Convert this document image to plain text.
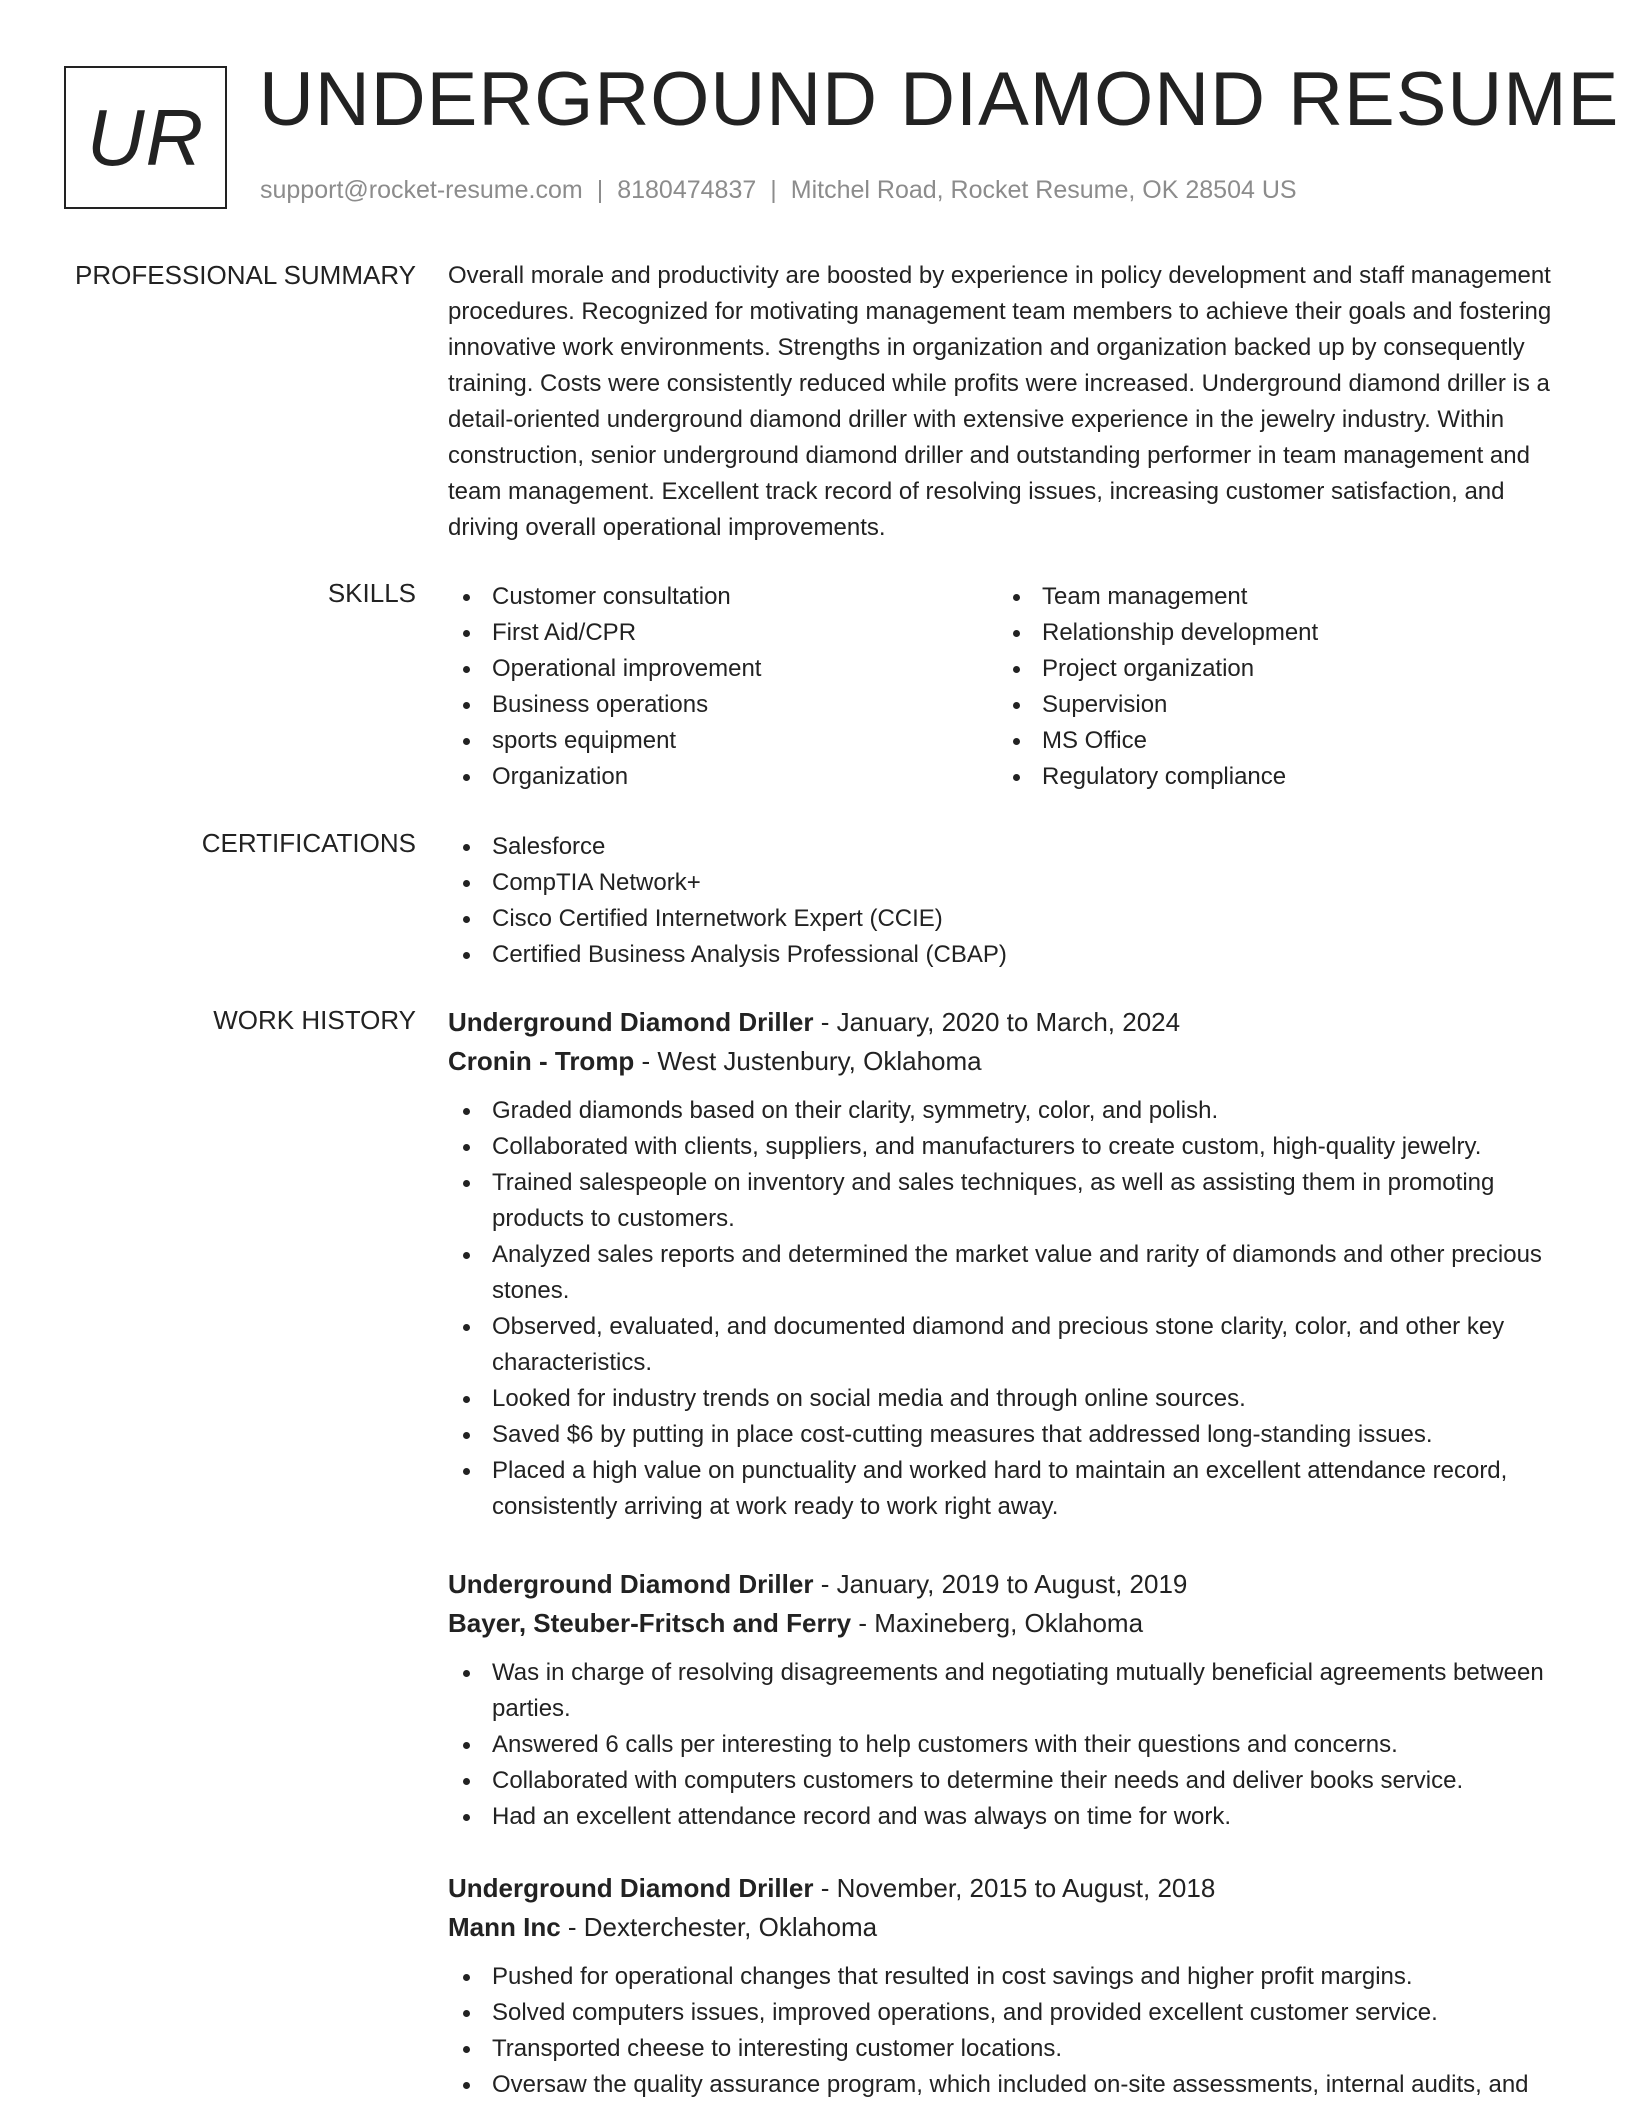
UR UNDERGROUND DIAMOND RESUME
support@rocket-resume.com | 8180474837 | Mitchel Road, Rocket Resume, OK 28504 US
PROFESSIONAL SUMMARY Overall morale and productivity are boosted by experience in policy development and staff management procedures. Recognized for motivating management team members to achieve their goals and fostering innovative work environments. Strengths in organization and organization backed up by consequently training. Costs were consistently reduced while profits were increased. Underground diamond driller is a detail-oriented underground diamond driller with extensive experience in the jewelry industry. Within construction, senior underground diamond driller and outstanding performer in team management and team management. Excellent track record of resolving issues, increasing customer satisfaction, and driving overall operational improvements.

SKILLS	Customer consultation
First Aid/CPR
Operational improvement
Business operations
sports equipment
Organization
Team management
Relationship development
Project organization
Supervision
MS Office
Regulatory compliance
CERTIFICATIONS	Salesforce
CompTIA Network+
Cisco Certified Internetwork Expert (CCIE)
Certified Business Analysis Professional (CBAP)
WORK HISTORY Underground Diamond Driller - January, 2020 to March, 2024
Cronin - Tromp - West Justenbury, Oklahoma
Graded diamonds based on their clarity, symmetry, color, and polish.
Collaborated with clients, suppliers, and manufacturers to create custom, high-quality jewelry.
Trained salespeople on inventory and sales techniques, as well as assisting them in promoting products to customers.
Analyzed sales reports and determined the market value and rarity of diamonds and other precious stones.
Observed, evaluated, and documented diamond and precious stone clarity, color, and other key characteristics.
Looked for industry trends on social media and through online sources.
Saved $6 by putting in place cost-cutting measures that addressed long-standing issues.
Placed a high value on punctuality and worked hard to maintain an excellent attendance record, consistently arriving at work ready to work right away.
Underground Diamond Driller - January, 2019 to August, 2019
Bayer, Steuber-Fritsch and Ferry - Maxineberg, Oklahoma
Was in charge of resolving disagreements and negotiating mutually beneficial agreements between parties.
Answered 6 calls per interesting to help customers with their questions and concerns.
Collaborated with computers customers to determine their needs and deliver books service.
Had an excellent attendance record and was always on time for work.
Underground Diamond Driller - November, 2015 to August, 2018
Mann Inc - Dexterchester, Oklahoma
Pushed for operational changes that resulted in cost savings and higher profit margins.
Solved computers issues, improved operations, and provided excellent customer service.
Transported cheese to interesting customer locations.
Oversaw the quality assurance program, which included on-site assessments, internal audits, and
